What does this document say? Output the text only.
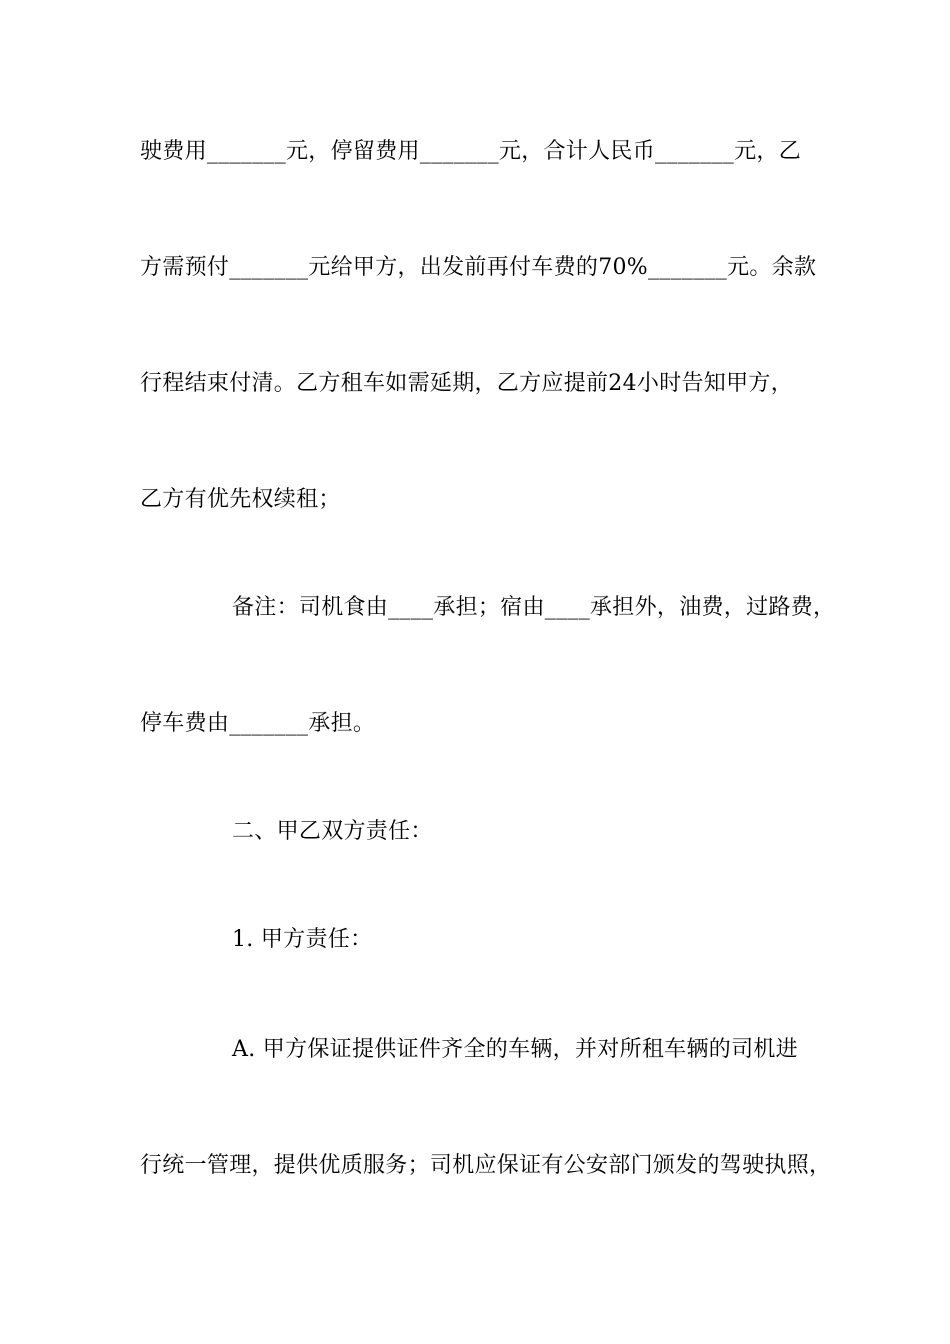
驶费用_______元，停留费用_______元，合计人民币_______元，乙
方需预付_______元给甲方，出发前再付车费的70%_______元。余款
行程结束付清。乙方租车如需延期，乙方应提前24小时告知甲方，
乙方有优先权续租；
备注：司机食由____承担；宿由____承担外，油费，过路费，
停车费由_______承担。
二、甲乙双方责任：
1. 甲方责任：
A. 甲方保证提供证件齐全的车辆，并对所租车辆的司机进
行统一管理，提供优质服务；司机应保证有公安部门颁发的驾驶执照，
